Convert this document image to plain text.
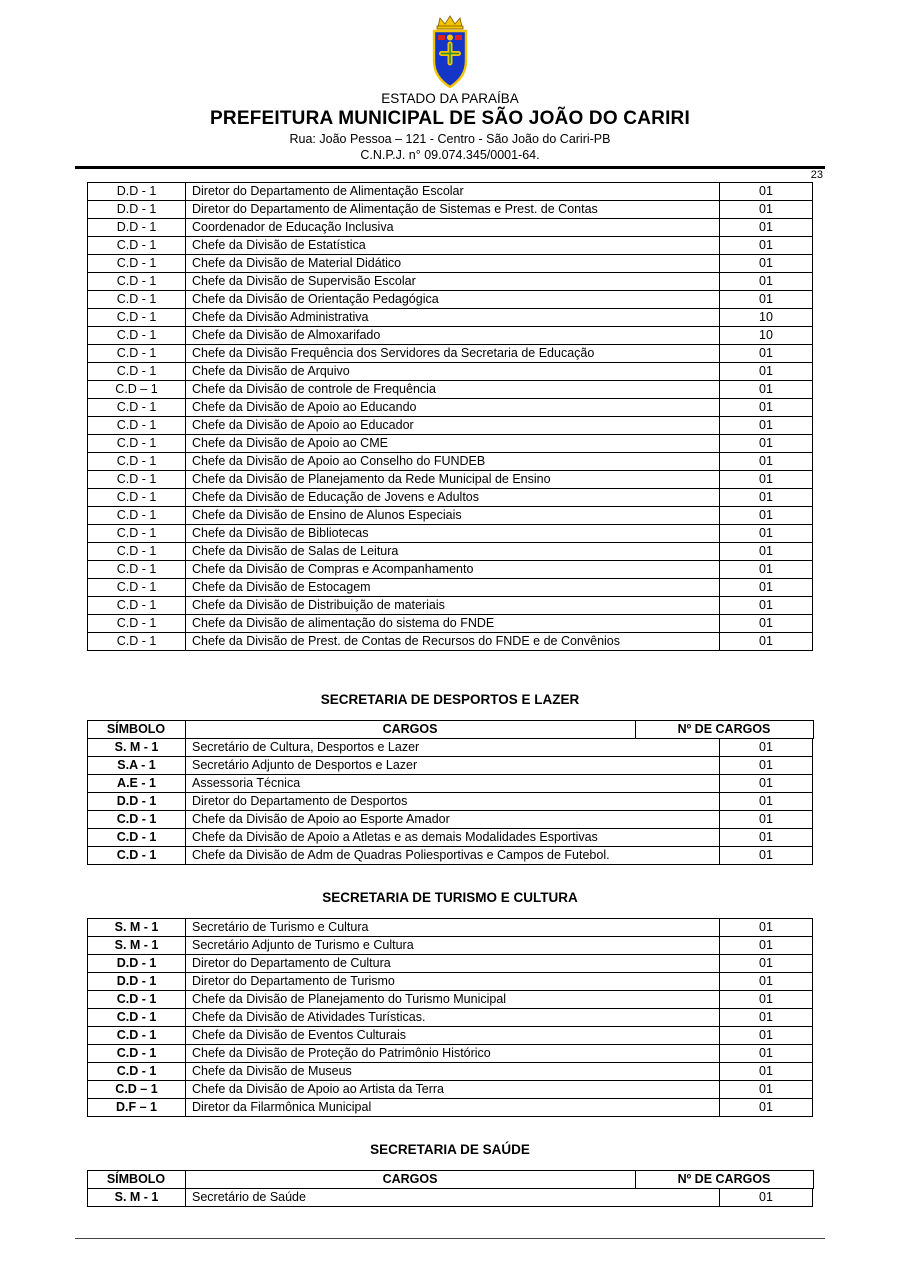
ESTADO DA PARAÍBA
PREFEITURA MUNICIPAL DE SÃO JOÃO DO CARIRI
Rua: João Pessoa – 121 - Centro - São João do Cariri-PB
C.N.P.J. n° 09.074.345/0001-64.
23
D.D - 1	Diretor do Departamento de Alimentação Escolar	01
D.D - 1	Diretor do Departamento de Alimentação de Sistemas e Prest. de Contas	01
D.D - 1	Coordenador de Educação Inclusiva	01
C.D - 1	Chefe da Divisão de Estatística	01
C.D - 1	Chefe da Divisão de Material Didático	01
C.D - 1	Chefe da Divisão de Supervisão Escolar	01
C.D - 1	Chefe da Divisão de Orientação Pedagógica	01
C.D - 1	Chefe da Divisão Administrativa	10
C.D - 1	Chefe da Divisão de Almoxarifado	10
C.D - 1	Chefe da Divisão Frequência dos Servidores da Secretaria de Educação	01
C.D - 1	Chefe da Divisão de Arquivo	01
C.D – 1	Chefe da Divisão de controle de Frequência	01
C.D - 1	Chefe da Divisão de Apoio ao Educando	01
C.D - 1	Chefe da Divisão de Apoio ao Educador	01
C.D - 1	Chefe da Divisão de Apoio ao CME	01
C.D - 1	Chefe da Divisão de Apoio ao Conselho do FUNDEB	01
C.D - 1	Chefe da Divisão de Planejamento da Rede Municipal de Ensino	01
C.D - 1	Chefe da Divisão de Educação de Jovens e Adultos	01
C.D - 1	Chefe da Divisão de Ensino de Alunos Especiais	01
C.D - 1	Chefe da Divisão de Bibliotecas	01
C.D - 1	Chefe da Divisão de Salas de Leitura	01
C.D - 1	Chefe da Divisão de Compras e Acompanhamento	01
C.D - 1	Chefe da Divisão de Estocagem	01
C.D - 1	Chefe da Divisão de Distribuição de materiais	01
C.D - 1	Chefe da Divisão de alimentação do sistema do FNDE	01
C.D - 1	Chefe da Divisão de Prest. de Contas de Recursos do FNDE e de Convênios	01
SECRETARIA DE DESPORTOS E LAZER
SÍMBOLO	CARGOS	Nº DE CARGOS
S. M - 1	Secretário de Cultura, Desportos e Lazer	01
S.A - 1	Secretário Adjunto de Desportos e Lazer	01
A.E - 1	Assessoria Técnica	01
D.D - 1	Diretor do Departamento de Desportos	01
C.D - 1	Chefe da Divisão de Apoio ao Esporte Amador	01
C.D - 1	Chefe da Divisão de Apoio a Atletas e as demais Modalidades Esportivas	01
C.D - 1	Chefe da Divisão de Adm de Quadras Poliesportivas e Campos de Futebol.	01
SECRETARIA DE TURISMO E CULTURA
S. M - 1	Secretário de Turismo e Cultura	01
S. M - 1	Secretário Adjunto de Turismo e Cultura	01
D.D - 1	Diretor do Departamento de Cultura	01
D.D - 1	Diretor do Departamento de Turismo	01
C.D - 1	Chefe da Divisão de Planejamento do Turismo Municipal	01
C.D - 1	Chefe da Divisão de Atividades Turísticas.	01
C.D - 1	Chefe da Divisão de Eventos Culturais	01
C.D - 1	Chefe da Divisão de Proteção do Patrimônio Histórico	01
C.D - 1	Chefe da Divisão de Museus	01
C.D – 1	Chefe da Divisão de Apoio ao Artista da Terra	01
D.F – 1	Diretor da Filarmônica Municipal	01
SECRETARIA DE SAÚDE
SÍMBOLO	CARGOS	Nº DE CARGOS
S. M - 1	Secretário de Saúde	01
